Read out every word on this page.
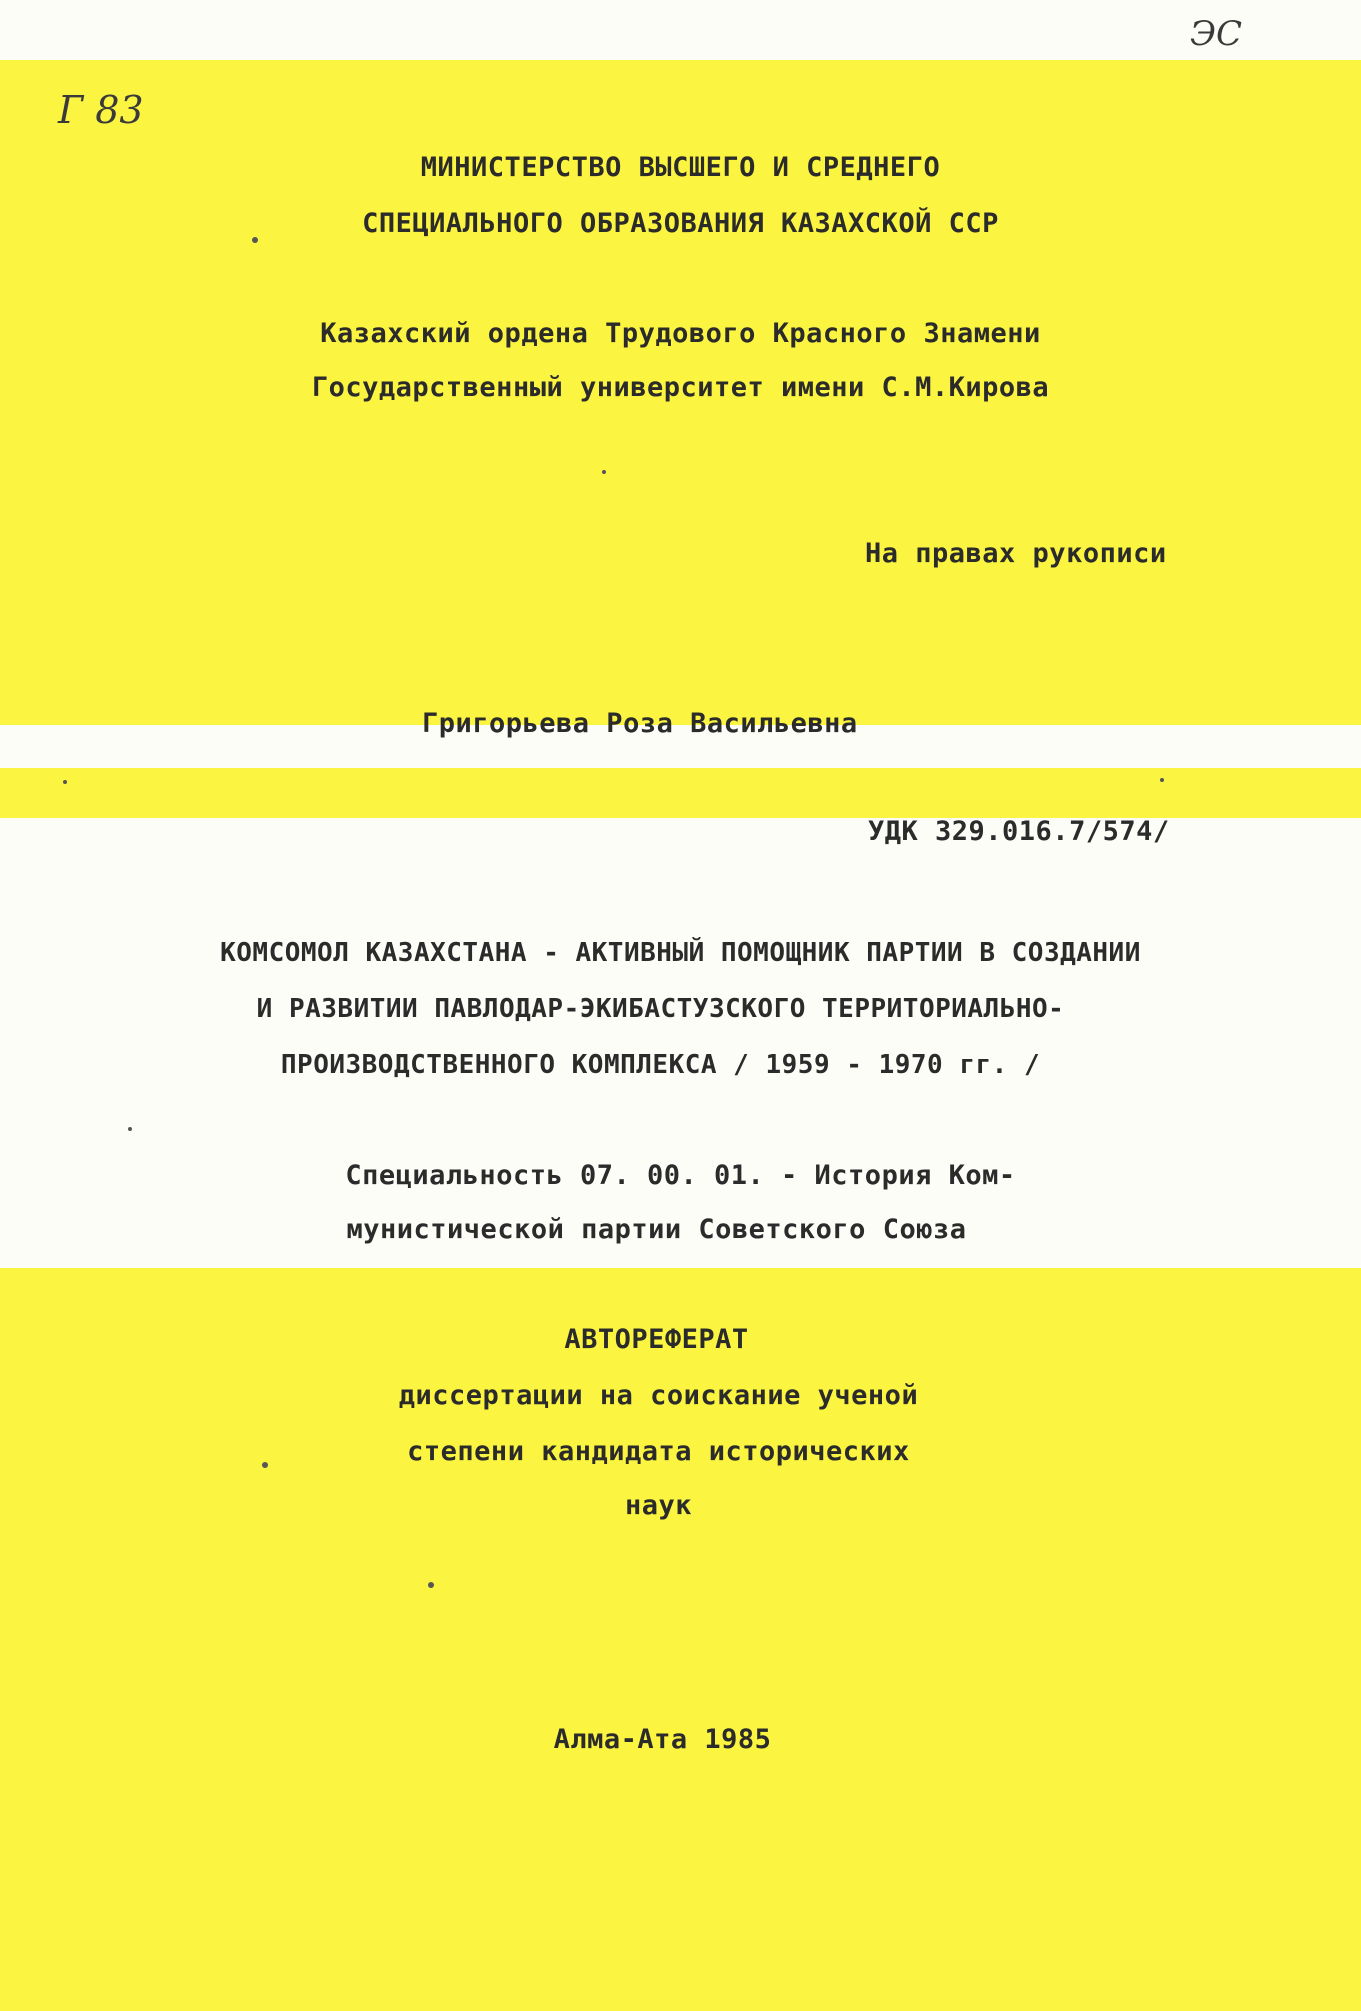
Г 83
ЭС
МИНИСТЕРСТВО ВЫСШЕГО И СРЕДНЕГО
СПЕЦИАЛЬНОГО ОБРАЗОВАНИЯ КАЗАХСКОЙ ССР
Казахский ордена Трудового Красного Знамени
Государственный университет имени С.М.Кирова
На правах рукописи
Григорьева Роза Васильевна
УДК 329.016.7/574/
КОМСОМОЛ КАЗАХСТАНА - АКТИВНЫЙ ПОМОЩНИК ПАРТИИ В СОЗДАНИИ
И РАЗВИТИИ ПАВЛОДАР-ЭКИБАСТУЗСКОГО ТЕРРИТОРИАЛЬНО-
ПРОИЗВОДСТВЕННОГО КОМПЛЕКСА / 1959 - 1970 гг. /
Специальность 07. 00. 01. - История Ком-
мунистической партии Советского Союза
АВТОРЕФЕРАТ
диссертации на соискание ученой
степени кандидата исторических
наук
Алма-Ата 1985
